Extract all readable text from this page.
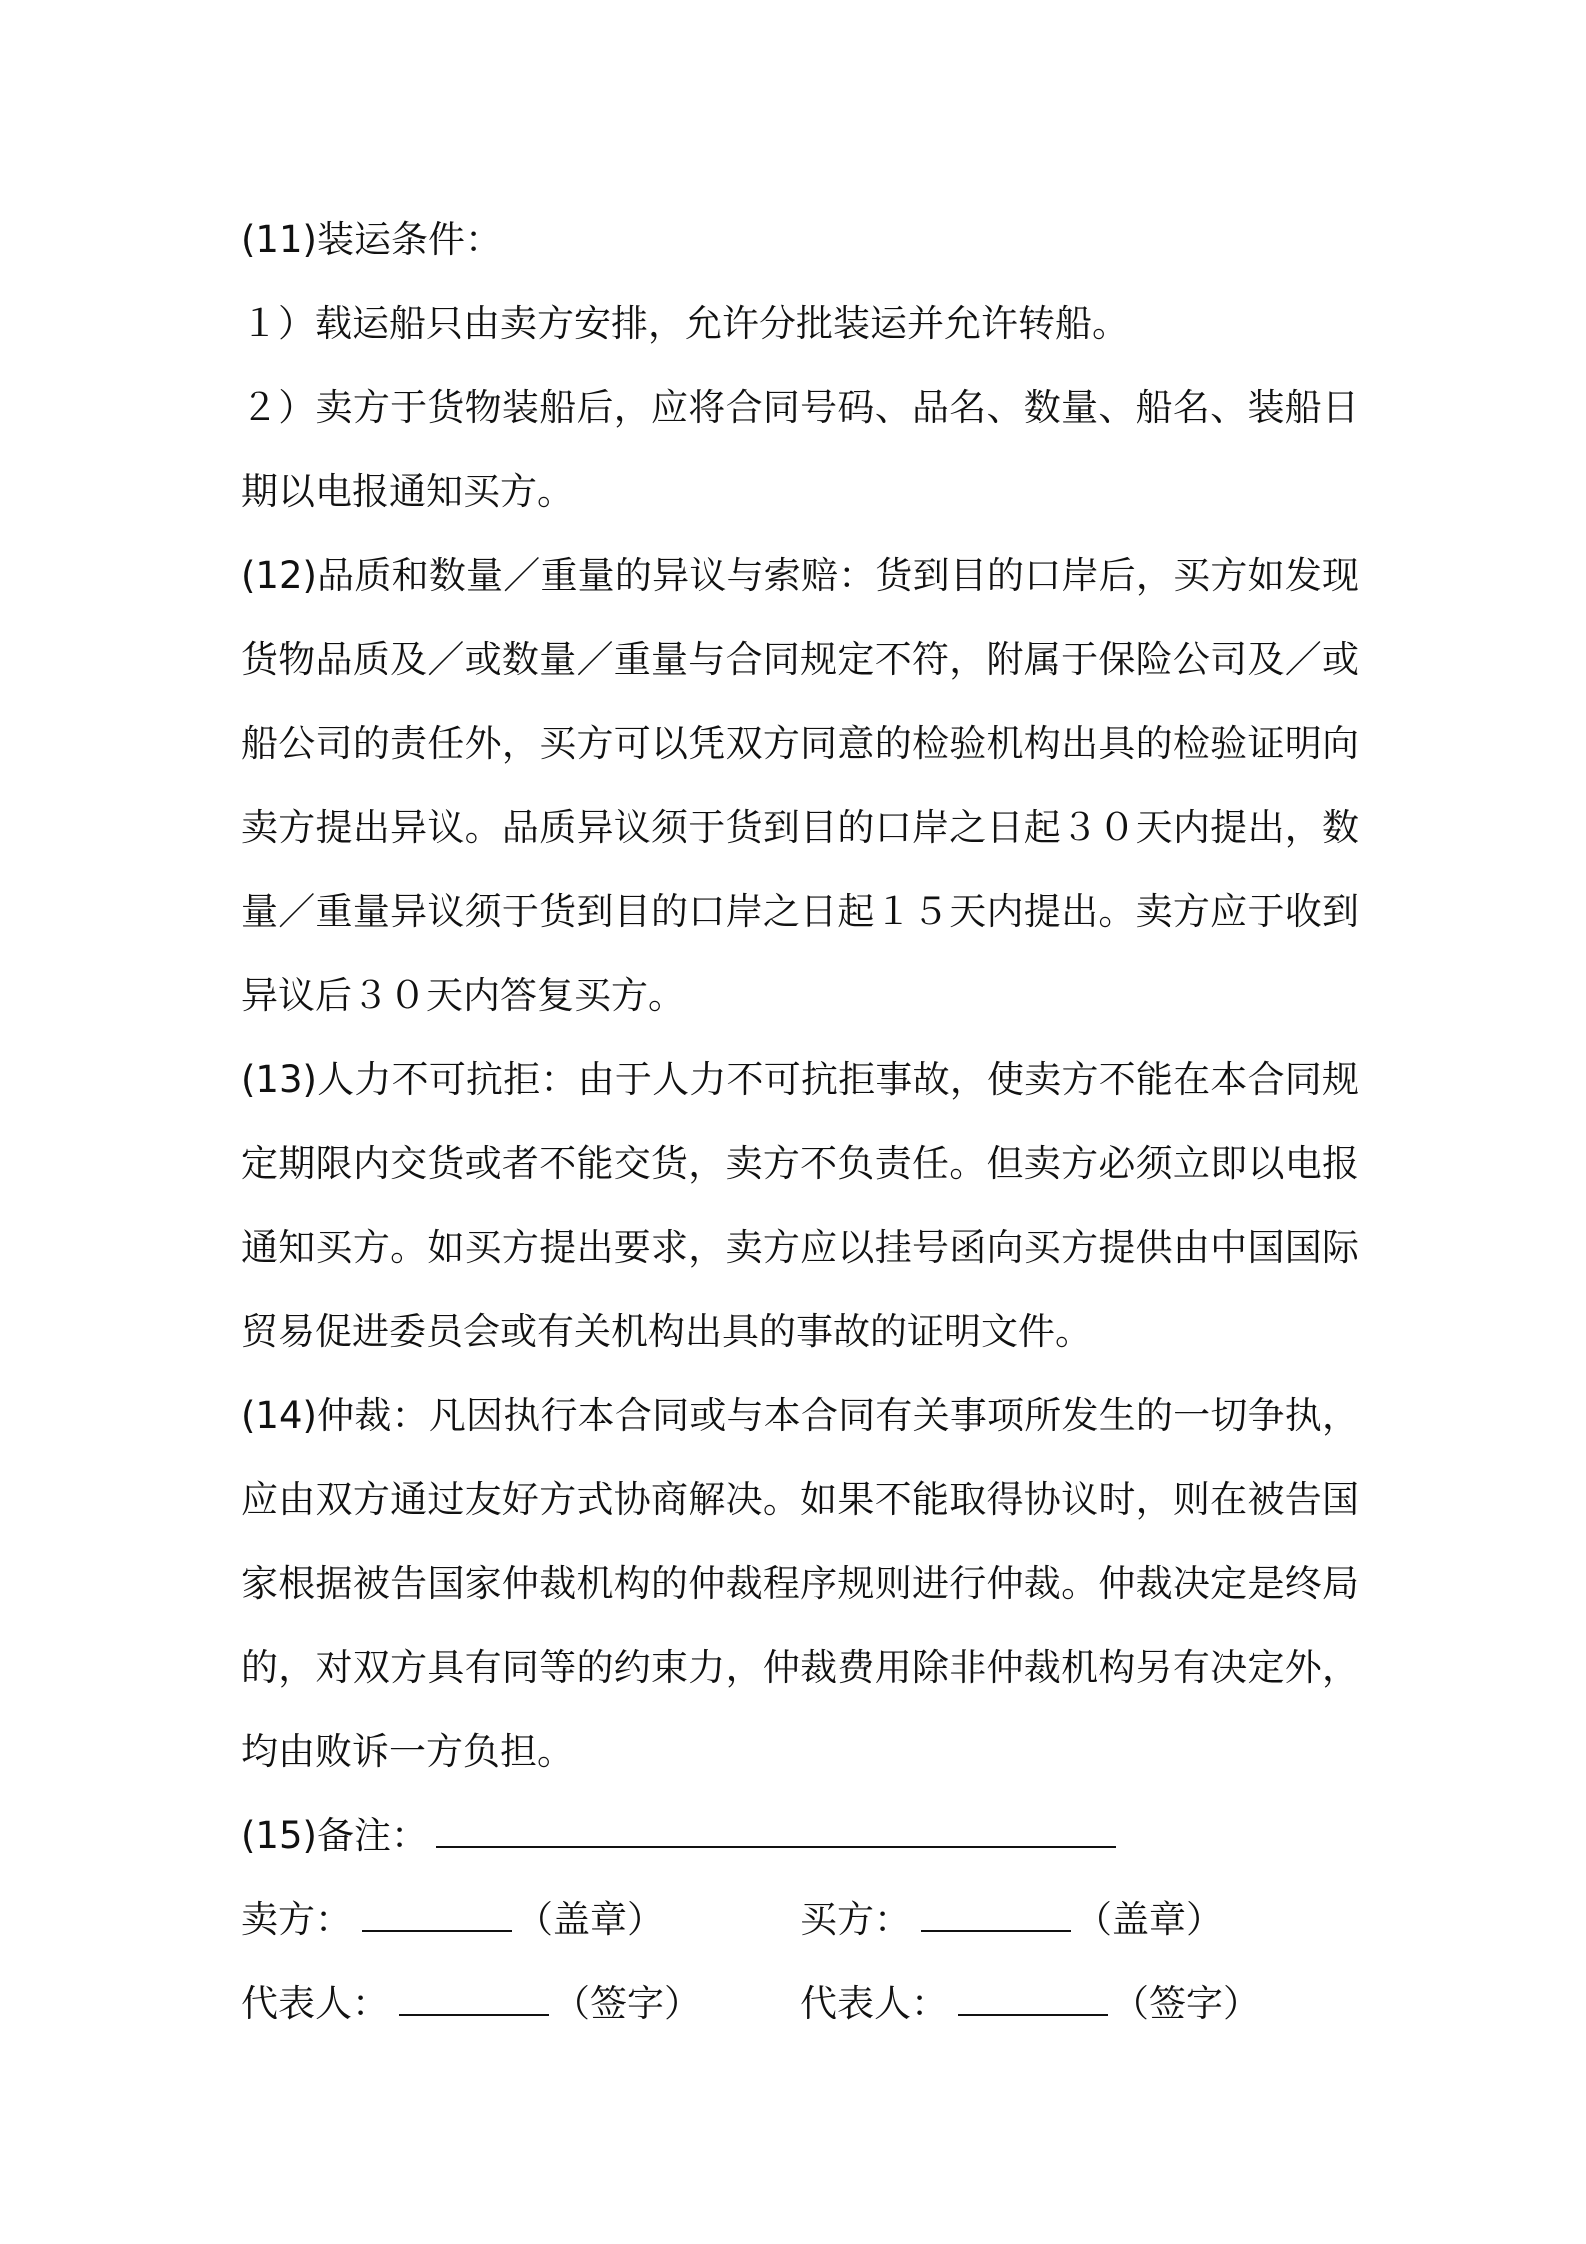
(11)装运条件：

１）载运船只由卖方安排，允许分批装运并允许转船。

２）卖方于货物装船后，应将合同号码、品名、数量、船名、装船日期以电报通知买方。

(12)品质和数量／重量的异议与索赔：货到目的口岸后，买方如发现货物品质及／或数量／重量与合同规定不符，附属于保险公司及／或船公司的责任外，买方可以凭双方同意的检验机构出具的检验证明向卖方提出异议。品质异议须于货到目的口岸之日起３０天内提出，数量／重量异议须于货到目的口岸之日起１５天内提出。卖方应于收到异议后３０天内答复买方。

(13)人力不可抗拒：由于人力不可抗拒事故，使卖方不能在本合同规定期限内交货或者不能交货，卖方不负责任。但卖方必须立即以电报通知买方。如买方提出要求，卖方应以挂号函向买方提供由中国国际贸易促进委员会或有关机构出具的事故的证明文件。

(14)仲裁：凡因执行本合同或与本合同有关事项所发生的一切争执，应由双方通过友好方式协商解决。如果不能取得协议时，则在被告国家根据被告国家仲裁机构的仲裁程序规则进行仲裁。仲裁决定是终局的，对双方具有同等的约束力，仲裁费用除非仲裁机构另有决定外，均由败诉一方负担。

(15)备注：
卖方：	（盖章）	买方：	（盖章）
代表人：	（签字）	代表人：	（签字）
